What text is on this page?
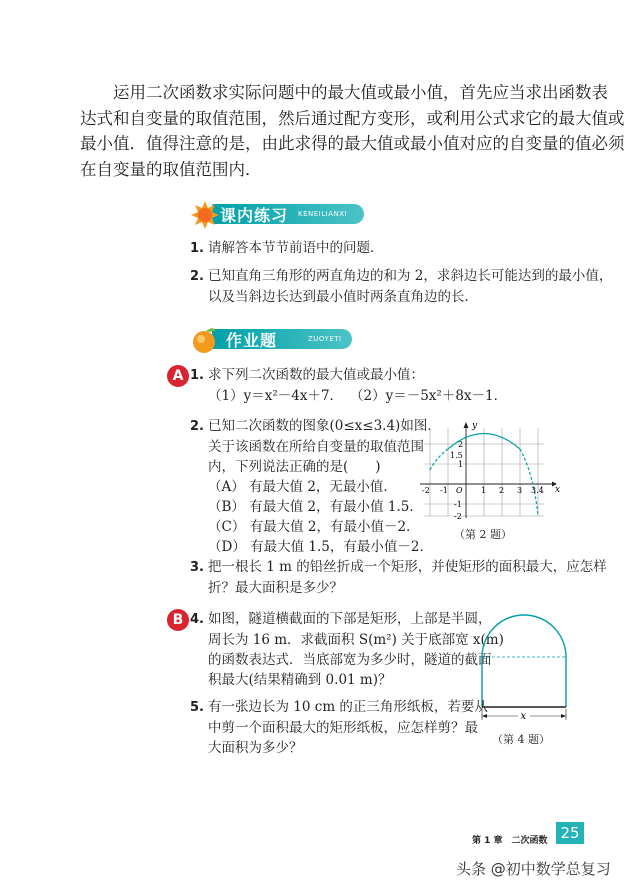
运用二次函数求实际问题中的最大值或最小值，首先应当求出函数表

达式和自变量的取值范围，然后通过配方变形，或利用公式求它的最大值或
最小值．值得注意的是，由此求得的最大值或最小值对应的自变量的值必须
在自变量的取值范围内．
课内练习 KENEILIANXI
1. 请解答本节节前语中的问题．
2. 已知直角三角形的两直角边的和为 2，求斜边长可能达到的最小值，
以及当斜边长达到最小值时两条直角边的长．
作业题	ZUOYETI
A 1. 求下列二次函数的最大值或最小值：
（1）y＝x²－4x＋7． （2）y＝－5x²＋8x－1．
2. 已知二次函数的图象(0≤x≤3.4)如图．
关于该函数在所给自变量的取值范围
内，下列说法正确的是(　　)
（A） 有最大值 2，无最小值．
（B） 有最大值 2，有最小值 1.5．
（C） 有最大值 2，有最小值－2．
（D） 有最大值 1.5，有最小值－2．
y
x
2
1.5
1
-1
-2
-2 -1 O 1 2 3 3.4
（第 2 题）
3. 把一根长 1 m 的铅丝折成一个矩形，并使矩形的面积最大，应怎样
折？最大面积是多少？
B 4. 如图，隧道横截面的下部是矩形，上部是半圆，
周长为 16 m．求截面积 S(m²) 关于底部宽 x(m)
的函数表达式．当底部宽为多少时，隧道的截面
积最大(结果精确到 0.01 m)？
x
（第 4 题）
5. 有一张边长为 10 cm 的正三角形纸板，若要从
中剪一个面积最大的矩形纸板，应怎样剪？最
大面积为多少？
第 1 章　二次函数 25
头条 @初中数学总复习
